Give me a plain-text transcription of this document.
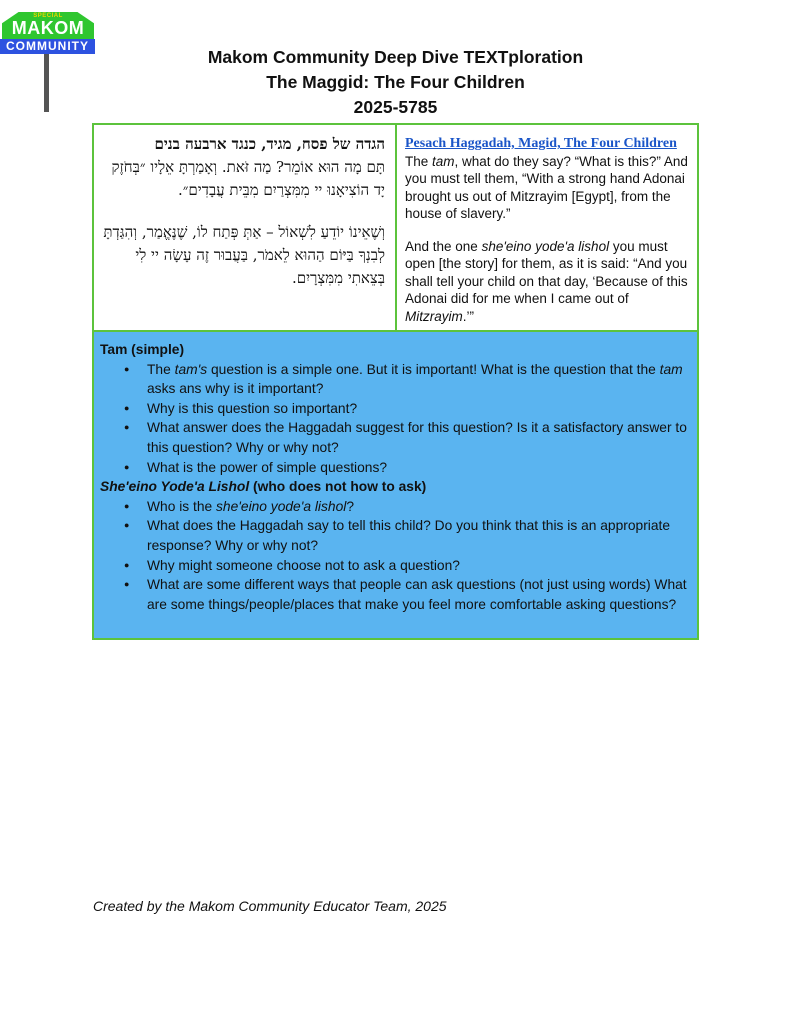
SPECIAL
MAKOM
COMMUNITY
Makom Community Deep Dive TEXTploration
The Maggid: The Four Children
2025-5785

הגדה של פסח, מגיד, כנגד ארבעה בנים

תָּם מָה הוּא אוֹמֵר? מַה זֹּאת. וְאָמַרְתָּ אֵלָיו ״בְּחֹזֶק יָד הוֹצִיאָנוּ יי מִמִּצְרַיִם מִבֵּית עֲבָדִים״.

וְשֶׁאֵינוֹ יוֹדֵעַ לִשְׁאוֹל – אַתְּ פְּתַח לוֹ, שֶׁנֶּאֱמַר, וְהִגַּדְתָּ לְבִנְךָ בַּיּוֹם הַהוּא לֵאמֹר, בַּעֲבוּר זֶה עָשָׂה יי לִי בְּצֵאתִי מִמִּצְרָיִם.

Pesach Haggadah, Magid, The Four Children

The tam, what do they say? “What is this?” And you must tell them, “With a strong hand Adonai brought us out of Mitzrayim [Egypt], from the house of slavery.”

And the one she'eino yode'a lishol you must open [the story] for them, as it is said: “And you shall tell your child on that day, ‘Because of this Adonai did for me when I came out of Mitzrayim.’”

Tam (simple)
● The tam's question is a simple one. But it is important! What is the question that the tam asks ans why is it important?
● Why is this question so important?
● What answer does the Haggadah suggest for this question? Is it a satisfactory answer to this question? Why or why not?
● What is the power of simple questions?
She'eino Yode'a Lishol (who does not how to ask)
● Who is the she'eino yode'a lishol?
● What does the Haggadah say to tell this child? Do you think that this is an appropriate response? Why or why not?
● Why might someone choose not to ask a question?
● What are some different ways that people can ask questions (not just using words) What are some things/people/places that make you feel more comfortable asking questions?
Created by the Makom Community Educator Team, 2025
